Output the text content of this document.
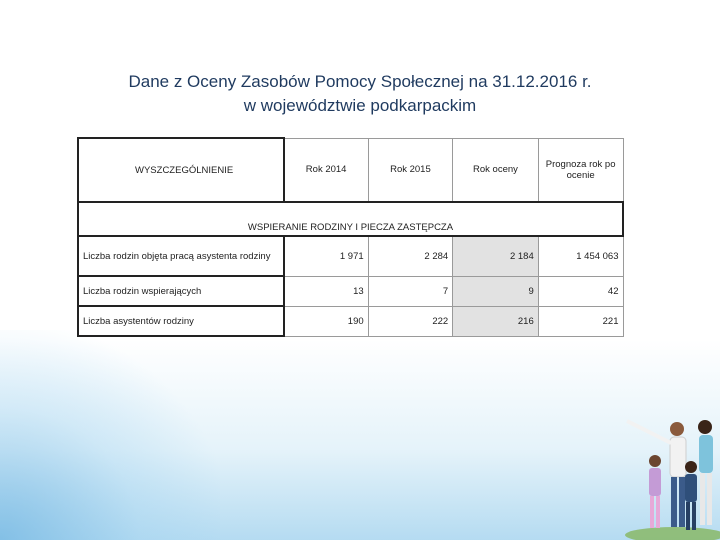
Dane z Oceny Zasobów Pomocy Społecznej na 31.12.2016 r.
w województwie podkarpackim
WYSZCZEGÓLNIENIE	Rok 2014	Rok 2015	Rok oceny	Prognoza rok po ocenie
WSPIERANIE RODZINY I PIECZA ZASTĘPCZA				
Liczba rodzin objęta pracą asystenta rodziny	1 971	2 284	2 184	1 454 063
Liczba rodzin wspierających	13	7	9	42
Liczba asystentów rodziny	190	222	216	221
